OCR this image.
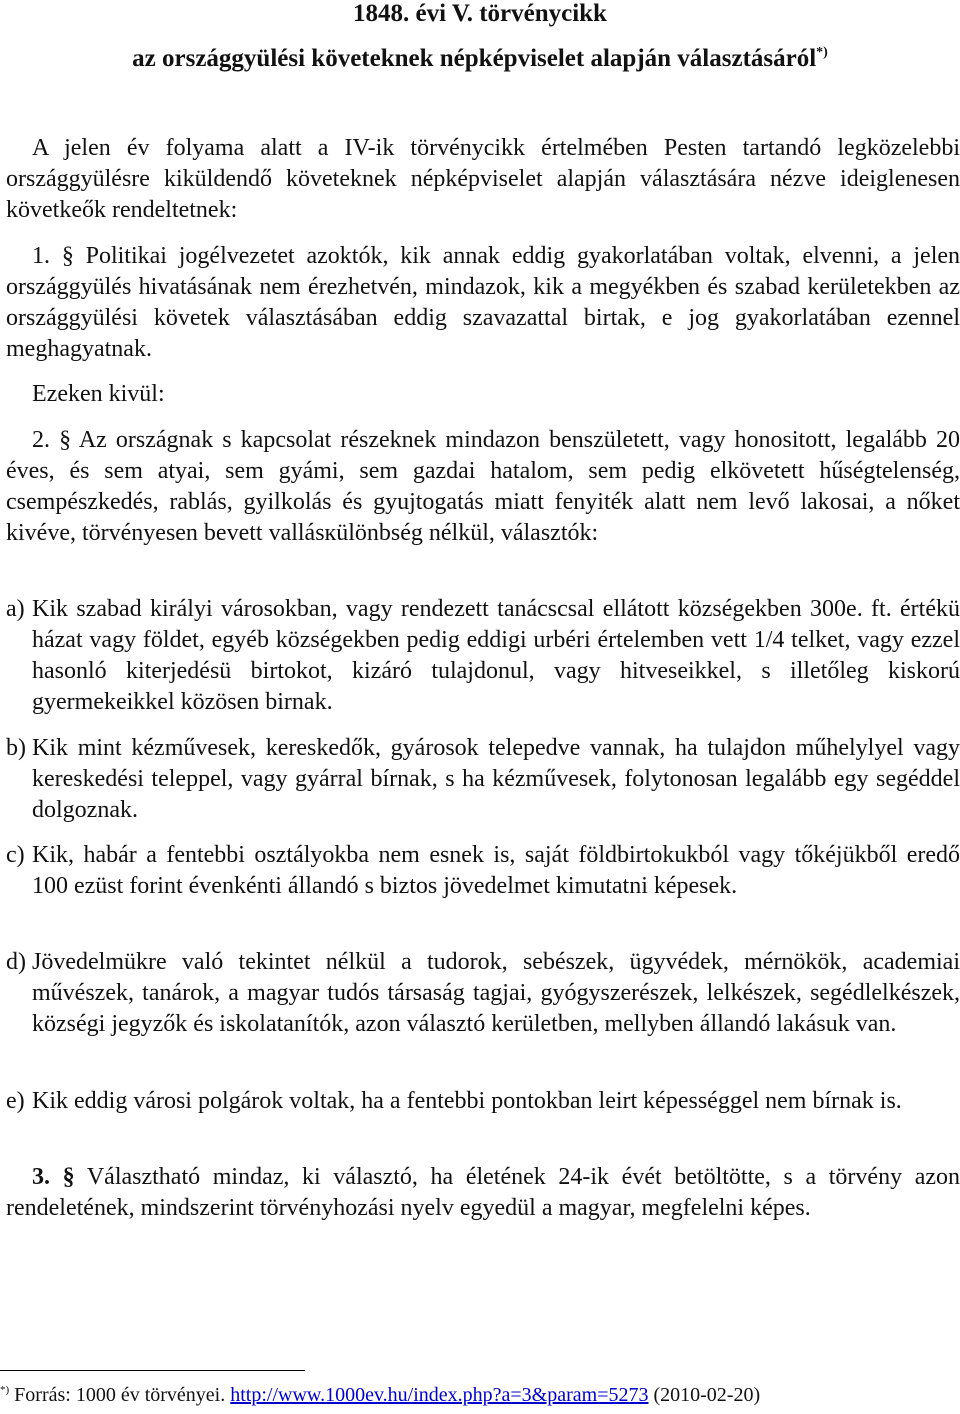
1848. évi V. törvénycikk
az országgyülési követeknek népképviselet alapján választásáról*)

A jelen év folyama alatt a IV-ik törvénycikk értelmében Pesten tartandó legközelebbi országgyülésre kiküldendő követeknek népképviselet alapján választására nézve ideiglenesen követkeők rendeltetnek:

1. § Politikai jogélvezetet azoktók, kik annak eddig gyakorlatában voltak, elvenni, a jelen országgyülés hivatásának nem érezhetvén, mindazok, kik a megyékben és szabad kerületekben az országgyülési követek választásában eddig szavazattal birtak, e jog gyakorlatában ezennel meghagyatnak.

Ezeken kivül:

2. § Az országnak s kapcsolat részeknek mindazon benszületett, vagy honositott, legalább 20 éves, és sem atyai, sem gyámi, sem gazdai hatalom, sem pedig elkövetett hűségtelenség, csempészkedés, rablás, gyilkolás és gyujtogatás miatt fenyiték alatt nem levő lakosai, a nőket kivéve, törvényesen bevett vallásкülönbség nélkül, választók:

a) Kik szabad királyi városokban, vagy rendezett tanácscsal ellátott községekben 300e. ft. értékü házat vagy földet, egyéb községekben pedig eddigi urbéri értelemben vett 1/4 telket, vagy ezzel hasonló kiterjedésü birtokot, kizáró tulajdonul, vagy hitveseikkel, s illetőleg kiskorú gyermekeikkel közösen birnak.
b) Kik mint kézművesek, kereskedők, gyárosok telepedve vannak, ha tulajdon műhelylyel vagy kereskedési teleppel, vagy gyárral bírnak, s ha kézművesek, folytonosan legalább egy segéddel dolgoznak.
c) Kik, habár a fentebbi osztályokba nem esnek is, saját földbirtokukból vagy tőkéjükből eredő 100 ezüst forint évenkénti állandó s biztos jövedelmet kimutatni képesek.
d) Jövedelmükre való tekintet nélkül a tudorok, sebészek, ügyvédek, mérnökök, academiai művészek, tanárok, a magyar tudós társaság tagjai, gyógyszerészek, lelkészek, segédlelkészek, községi jegyzők és iskolatanítók, azon választó kerületben, mellyben állandó lakásuk van.
e) Kik eddig városi polgárok voltak, ha a fentebbi pontokban leirt képességgel nem bírnak is.

3. § Választható mindaz, ki választó, ha életének 24-ik évét betöltötte, s a törvény azon rendeletének, mindszerint törvényhozási nyelv egyedül a magyar, megfelelni képes.

*) Forrás: 1000 év törvényei. http://www.1000ev.hu/index.php?a=3&param=5273 (2010-02-20)
